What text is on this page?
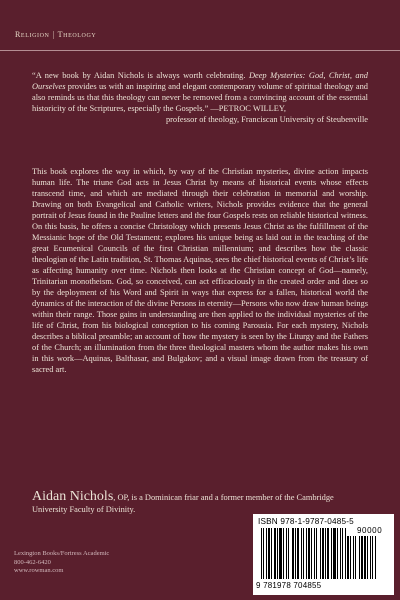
Religion | Theology
“A new book by Aidan Nichols is always worth celebrating. Deep Mysteries: God, Christ, and Ourselves provides us with an inspiring and elegant contemporary volume of spiritual theology and also reminds us that this theology can never be removed from a convincing account of the essential historicity of the Scriptures, especially the Gospels.” —PETROC WILLEY,
professor of theology, Franciscan University of Steubenville
This book explores the way in which, by way of the Christian mysteries, divine action impacts human life. The triune God acts in Jesus Christ by means of historical events whose effects transcend time, and which are mediated through their celebration in memorial and worship. Drawing on both Evangelical and Catholic writers, Nichols provides evidence that the general portrait of Jesus found in the Pauline letters and the four Gospels rests on reliable historical witness. On this basis, he offers a concise Christology which presents Jesus Christ as the fulfillment of the Messianic hope of the Old Testament; explores his unique being as laid out in the teaching of the great Ecumenical Councils of the first Christian millennium; and describes how the classic theologian of the Latin tradition, St. Thomas Aquinas, sees the chief historical events of Christ’s life as affecting humanity over time. Nichols then looks at the Christian concept of God—namely, Trinitarian monotheism. God, so conceived, can act efficaciously in the created order and does so by the deployment of his Word and Spirit in ways that express for a fallen, historical world the dynamics of the interaction of the divine Persons in eternity—Persons who now draw human beings within their range. Those gains in understanding are then applied to the individual mysteries of the life of Christ, from his biological conception to his coming Parousia. For each mystery, Nichols describes a biblical preamble; an account of how the mystery is seen by the Liturgy and the Fathers of the Church; an illumination from the three theological masters whom the author makes his own in this work—Aquinas, Balthasar, and Bulgakov; and a visual image drawn from the treasury of sacred art.
Aidan Nichols, OP, is a Dominican friar and a former member of the Cambridge University Faculty of Divinity.
Lexington Books/Fortress Academic
800-462-6420
www.rowman.com
ISBN 978-1-9787-0485-5
90000
9 781978 704855
